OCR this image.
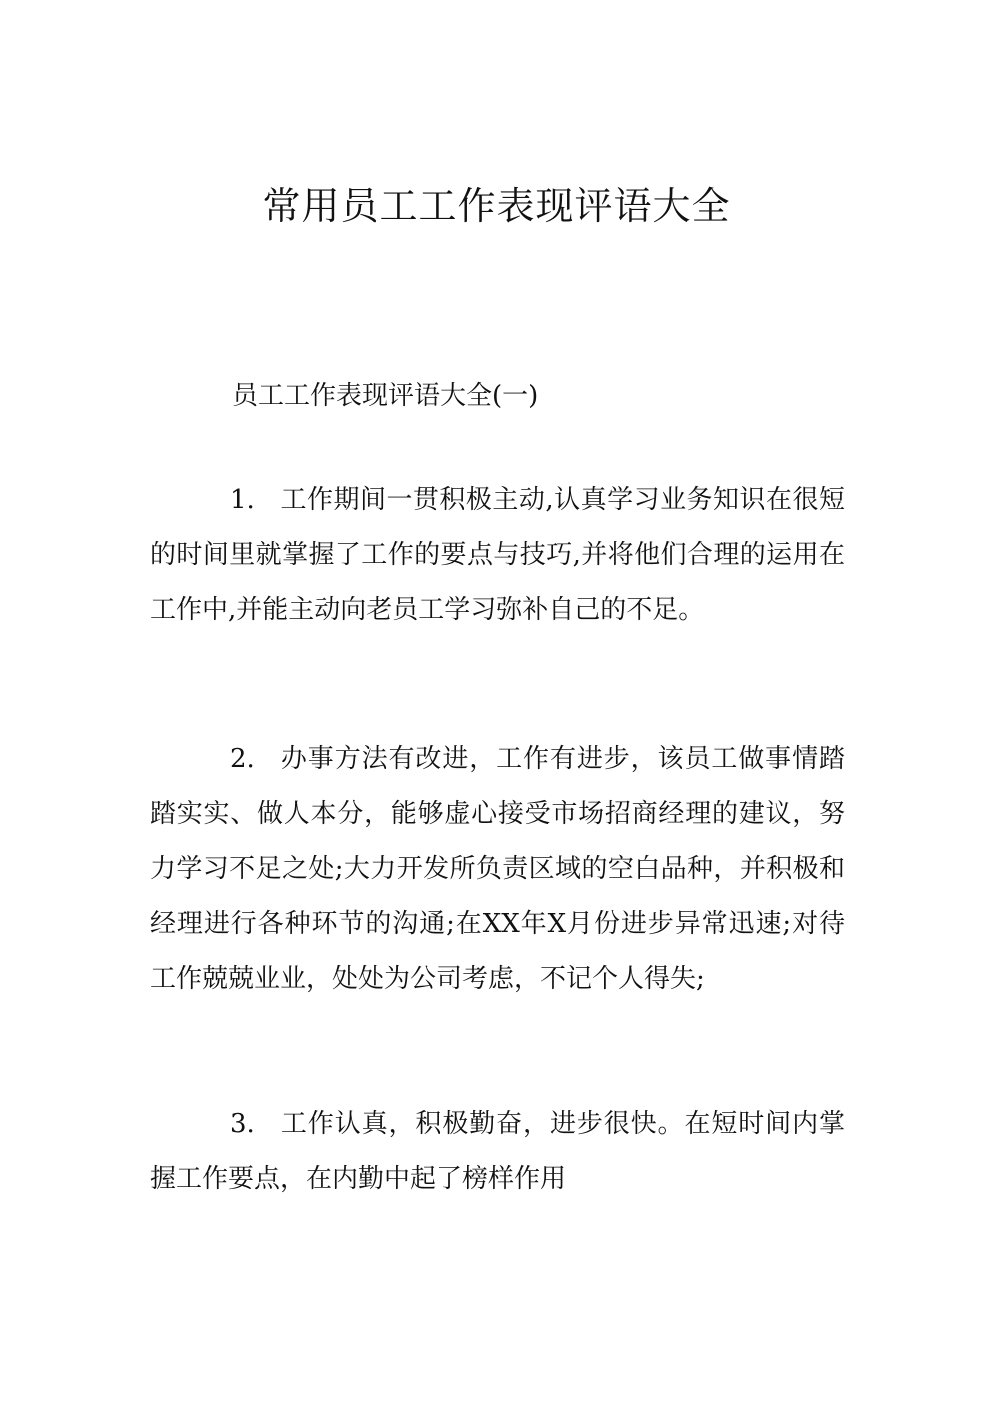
常用员工工作表现评语大全
员工工作表现评语大全(一)

1. 工作期间一贯积极主动,认真学习业务知识在很短的时间里就掌握了工作的要点与技巧,并将他们合理的运用在工作中,并能主动向老员工学习弥补自己的不足。

2. 办事方法有改进，工作有进步，该员工做事情踏踏实实、做人本分，能够虚心接受市场招商经理的建议，努力学习不足之处;大力开发所负责区域的空白品种，并积极和经理进行各种环节的沟通;在XX年X月份进步异常迅速;对待工作兢兢业业，处处为公司考虑，不记个人得失;

3. 工作认真，积极勤奋，进步很快。在短时间内掌握工作要点，在内勤中起了榜样作用
